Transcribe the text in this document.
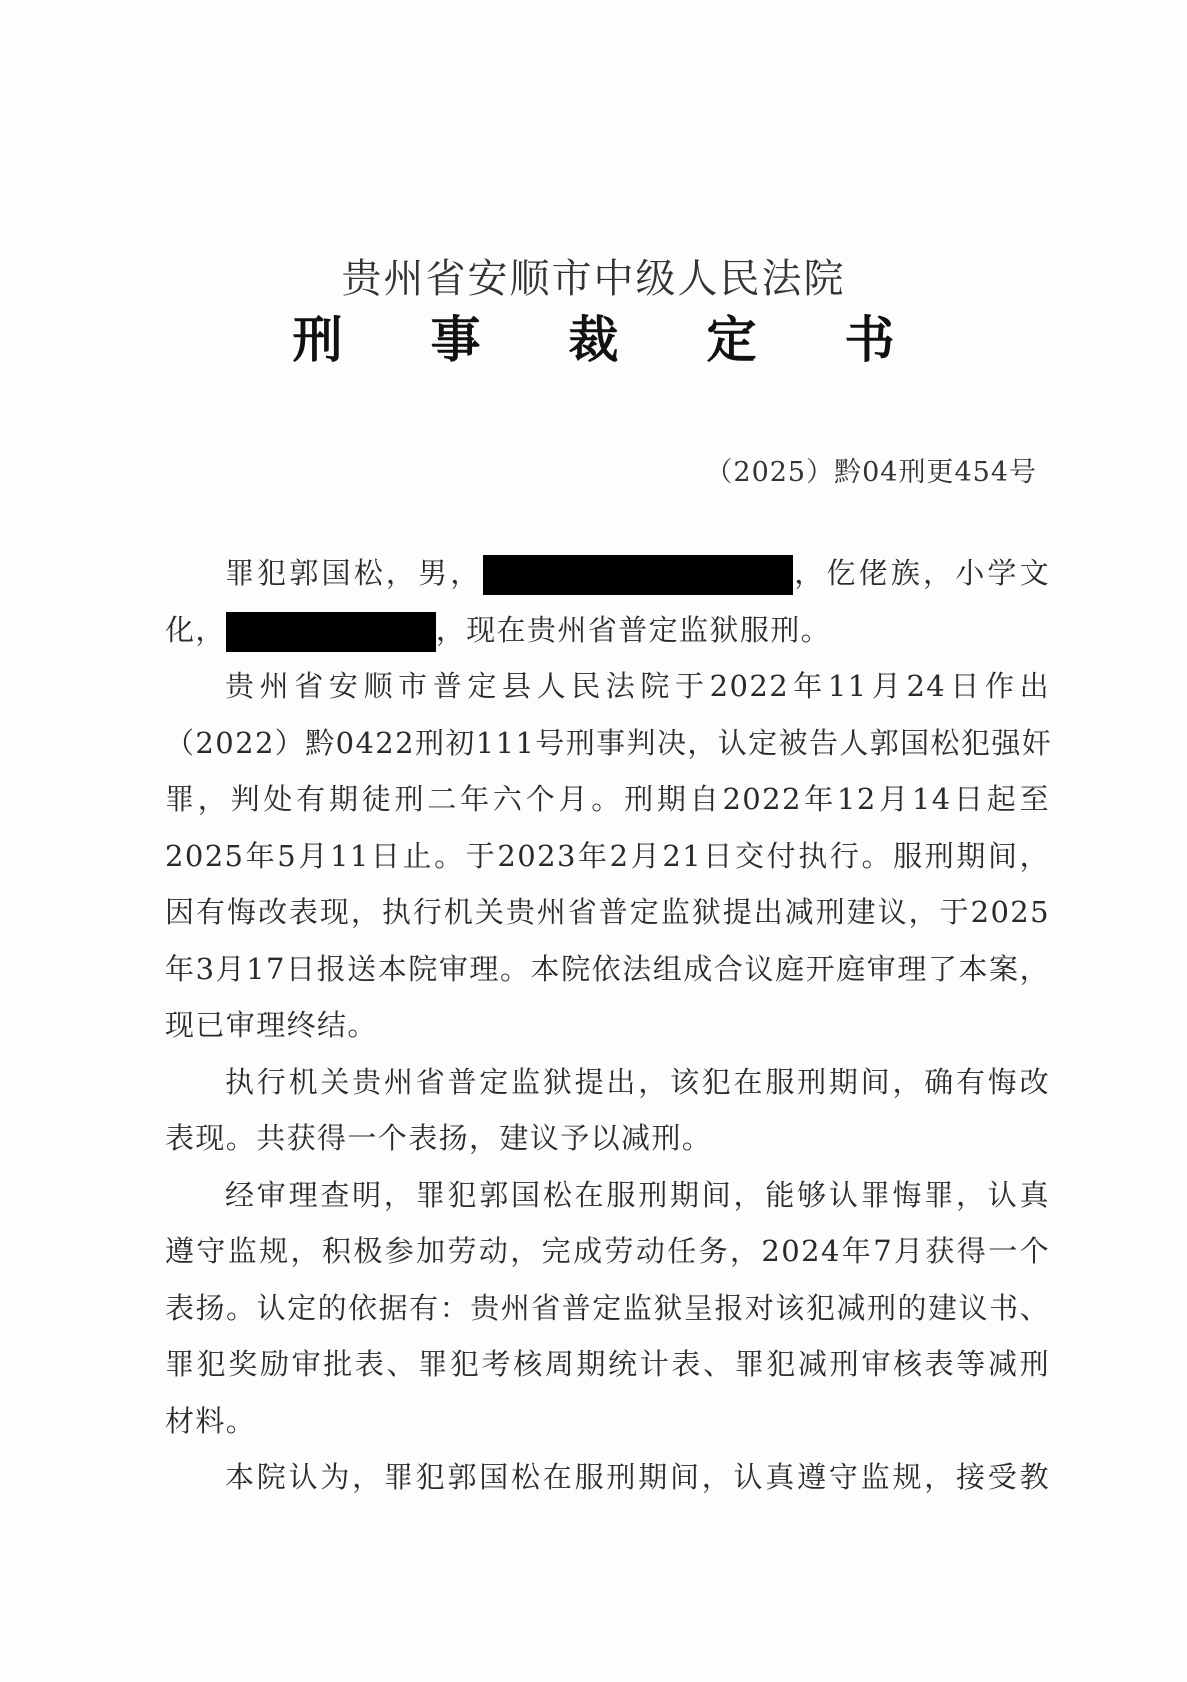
贵州省安顺市中级人民法院
刑 事 裁 定 书
（2025）黔04刑更454号
罪犯郭国松，男，	，仡佬族，小学文
化，	，现在贵州省普定监狱服刑。
贵州省安顺市普定县人民法院于2022年11月24日作出
（2022）黔0422刑初111号刑事判决，认定被告人郭国松犯强奸
罪，判处有期徒刑二年六个月。刑期自2022年12月14日起至
2025年5月11日止。于2023年2月21日交付执行。服刑期间，
因有悔改表现，执行机关贵州省普定监狱提出减刑建议，于2025
年3月17日报送本院审理。本院依法组成合议庭开庭审理了本案，
现已审理终结。
执行机关贵州省普定监狱提出，该犯在服刑期间，确有悔改
表现。共获得一个表扬，建议予以减刑。
经审理查明，罪犯郭国松在服刑期间，能够认罪悔罪，认真
遵守监规，积极参加劳动，完成劳动任务，2024年7月获得一个
表扬。认定的依据有：贵州省普定监狱呈报对该犯减刑的建议书、
罪犯奖励审批表、罪犯考核周期统计表、罪犯减刑审核表等减刑
材料。
本院认为，罪犯郭国松在服刑期间，认真遵守监规，接受教
